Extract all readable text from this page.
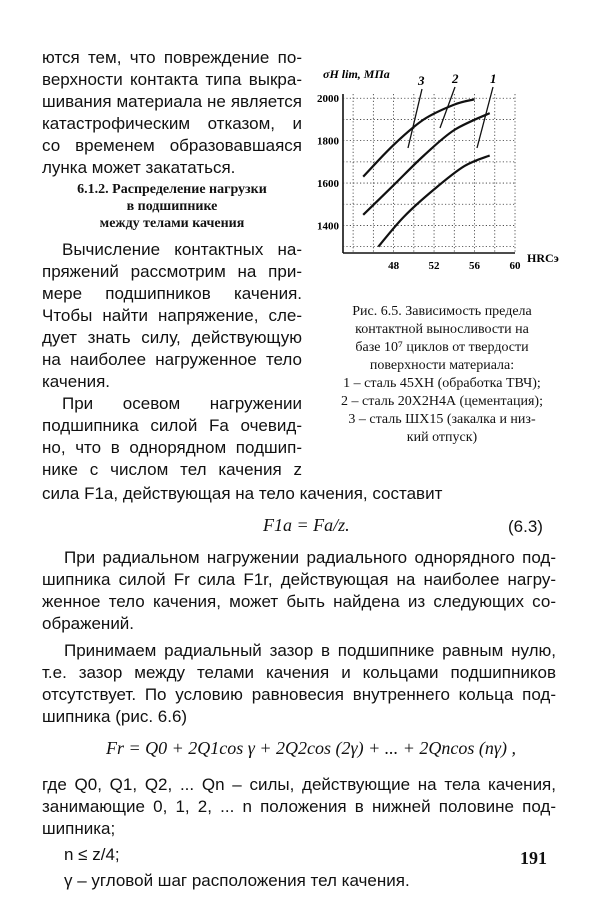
ются тем, что повреждение по-
верхности контакта типа выкра-
шивания материала не является
катастрофическим отказом, и
со временем образовавшаяся
лунка может закататься.
6.1.2. Распределение нагрузки
в подшипнике
между телами качения
Вычисление контактных на-
пряжений рассмотрим на при-
мере подшипников качения.
Чтобы найти напряжение, сле-
дует знать силу, действующую
на наиболее нагруженное тело
качения.
При осевом нагружении
подшипника силой Fa очевид-
но, что в однорядном подшип-
нике с числом тел качения z
48	52	56	60
2000
1800
1600
1400
σH lim, МПа
HRCэ
3 2 1
Рис. 6.5. Зависимость предела
контактной выносливости на
базе 10⁷ циклов от твердости
поверхности материала:
1 – сталь 45ХН (обработка ТВЧ);
2 – сталь 20Х2Н4А (цементация);
3 – сталь ШХ15 (закалка и низ-
кий отпуск)
сила F1a, действующая на тело качения, составит
F1a = Fa/z.	(6.3)
При радиальном нагружении радиального однорядного под-
шипника силой Fr сила F1r, действующая на наиболее нагру-
женное тело качения, может быть найдена из следующих со-
ображений.
Принимаем радиальный зазор в подшипнике равным нулю,
т.е. зазор между телами качения и кольцами подшипников
отсутствует. По условию равновесия внутреннего кольца под-
шипника (рис. 6.6)
Fr = Q0 + 2Q1cos γ + 2Q2cos (2γ) + ... + 2Qncos (nγ) ,
где Q0, Q1, Q2, ... Qn – силы, действующие на тела качения,
занимающие 0, 1, 2, ... n положения в нижней половине под-
шипника;
n ≤ z/4;
γ – угловой шаг расположения тел качения.
191
